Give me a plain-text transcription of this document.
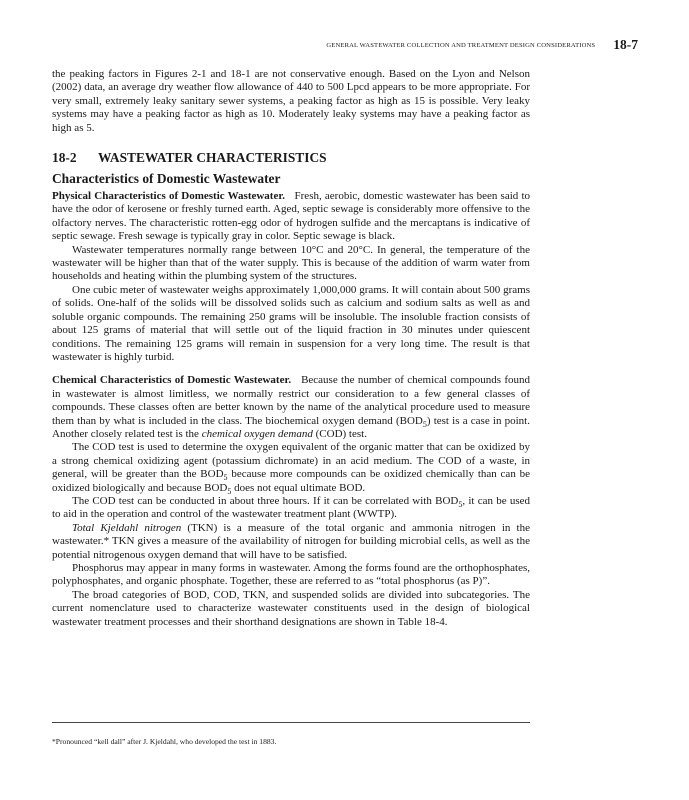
GENERAL WASTEWATER COLLECTION AND TREATMENT DESIGN CONSIDERATIONS 18-7

the peaking factors in Figures 2-1 and 18-1 are not conservative enough. Based on the Lyon and Nelson (2002) data, an average dry weather flow allowance of 440 to 500 Lpcd appears to be more appropriate. For very small, extremely leaky sanitary sewer systems, a peaking factor as high as 15 is possible. Very leaky systems may have a peaking factor as high as 10. Moderately leaky systems may have a peaking factor as high as 5.

18-2 WASTEWATER CHARACTERISTICS
Characteristics of Domestic Wastewater

Physical Characteristics of Domestic Wastewater. Fresh, aerobic, domestic wastewater has been said to have the odor of kerosene or freshly turned earth. Aged, septic sewage is considerably more offensive to the olfactory nerves. The characteristic rotten-egg odor of hydrogen sulfide and the mercaptans is indicative of septic sewage. Fresh sewage is typically gray in color. Septic sewage is black.

Wastewater temperatures normally range between 10°C and 20°C. In general, the temperature of the wastewater will be higher than that of the water supply. This is because of the addition of warm water from households and heating within the plumbing system of the structures.

One cubic meter of wastewater weighs approximately 1,000,000 grams. It will contain about 500 grams of solids. One-half of the solids will be dissolved solids such as calcium and sodium salts as well as and soluble organic compounds. The remaining 250 grams will be insoluble. The insoluble fraction consists of about 125 grams of material that will settle out of the liquid fraction in 30 minutes under quiescent conditions. The remaining 125 grams will remain in suspension for a very long time. The result is that wastewater is highly turbid.

Chemical Characteristics of Domestic Wastewater. Because the number of chemical compounds found in wastewater is almost limitless, we normally restrict our consideration to a few general classes of compounds. These classes often are better known by the name of the analytical procedure used to measure them than by what is included in the class. The biochemical oxygen demand $(BOD_5)$ test is a case in point. Another closely related test is the chemical oxygen demand (COD) test.

The COD test is used to determine the oxygen equivalent of the organic matter that can be oxidized by a strong chemical oxidizing agent (potassium dichromate) in an acid medium. The COD of a waste, in general, will be greater than the $BOD_5$ because more compounds can be oxidized chemically than can be oxidized biologically and because $BOD_5$ does not equal ultimate BOD.

The COD test can be conducted in about three hours. If it can be correlated with $BOD_5$, it can be used to aid in the operation and control of the wastewater treatment plant (WWTP).

Total Kjeldahl nitrogen (TKN) is a measure of the total organic and ammonia nitrogen in the wastewater.* TKN gives a measure of the availability of nitrogen for building microbial cells, as well as the potential nitrogenous oxygen demand that will have to be satisfied.

Phosphorus may appear in many forms in wastewater. Among the forms found are the orthophosphates, polyphosphates, and organic phosphate. Together, these are referred to as “total phosphorus (as P)”.

The broad categories of BOD, COD, TKN, and suspended solids are divided into subcategories. The current nomenclature used to characterize wastewater constituents used in the design of biological wastewater treatment processes and their shorthand designations are shown in Table 18-4.

*Pronounced “kell dall” after J. Kjeldahl, who developed the test in 1883.
